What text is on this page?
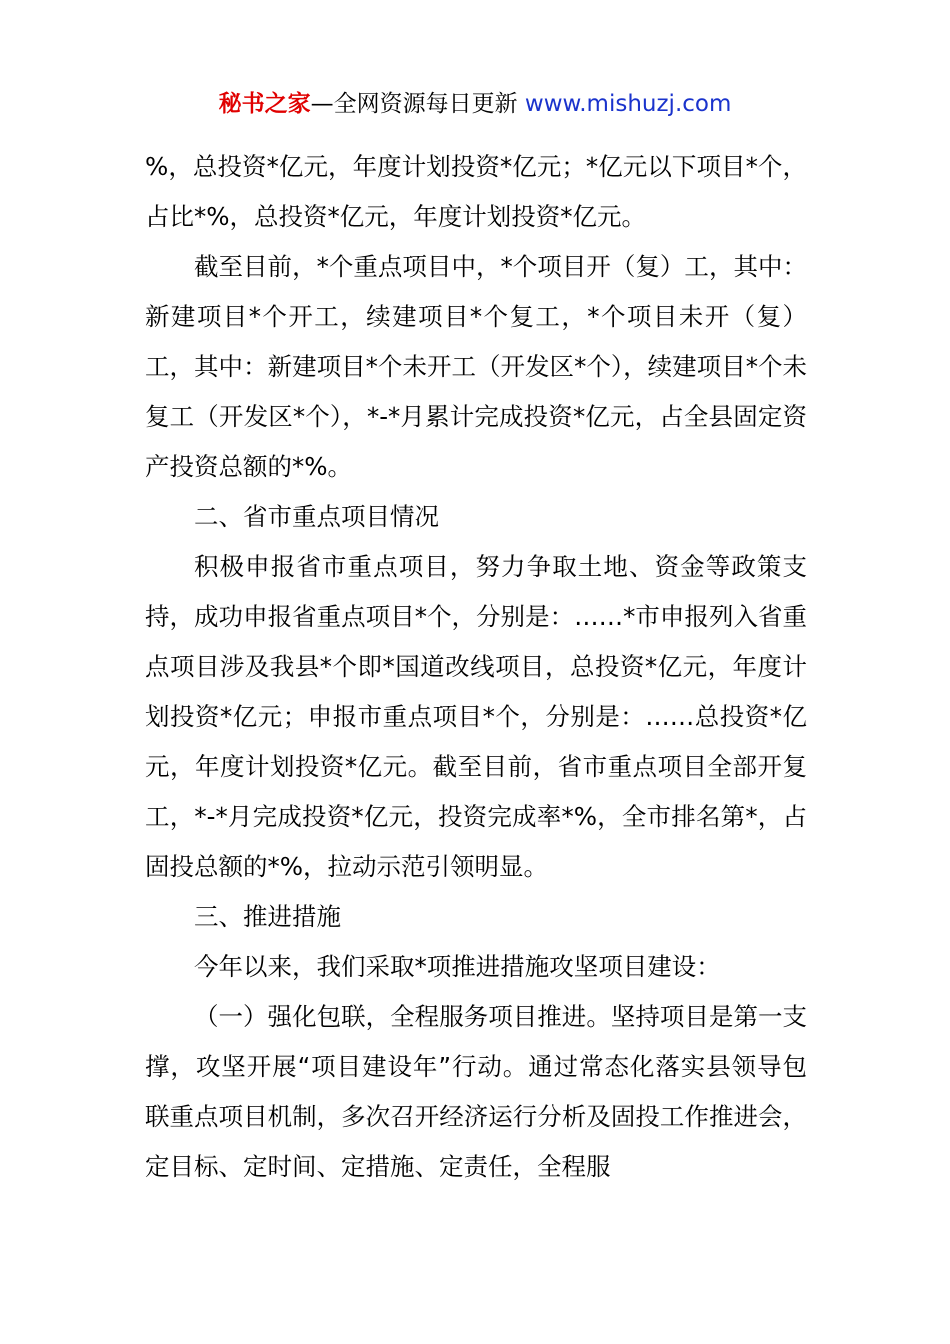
秘书之家—全网资源每日更新 www.mishuzj.com

%，总投资*亿元，年度计划投资*亿元；*亿元以下项目*个，占比*%，总投资*亿元，年度计划投资*亿元。

截至目前，*个重点项目中，*个项目开（复）工，其中：新建项目*个开工，续建项目*个复工，*个项目未开（复）工，其中：新建项目*个未开工（开发区*个），续建项目*个未复工（开发区*个），*-*月累计完成投资*亿元，占全县固定资产投资总额的*%。

二、省市重点项目情况

积极申报省市重点项目，努力争取土地、资金等政策支持，成功申报省重点项目*个，分别是：……*市申报列入省重点项目涉及我县*个即*国道改线项目，总投资*亿元，年度计划投资*亿元；申报市重点项目*个，分别是：……总投资*亿元，年度计划投资*亿元。截至目前，省市重点项目全部开复工，*-*月完成投资*亿元，投资完成率*%，全市排名第*，占固投总额的*%，拉动示范引领明显。

三、推进措施

今年以来，我们采取*项推进措施攻坚项目建设：

（一）强化包联，全程服务项目推进。坚持项目是第一支撑，攻坚开展“项目建设年”行动。通过常态化落实县领导包联重点项目机制，多次召开经济运行分析及固投工作推进会，定目标、定时间、定措施、定责任，全程服
